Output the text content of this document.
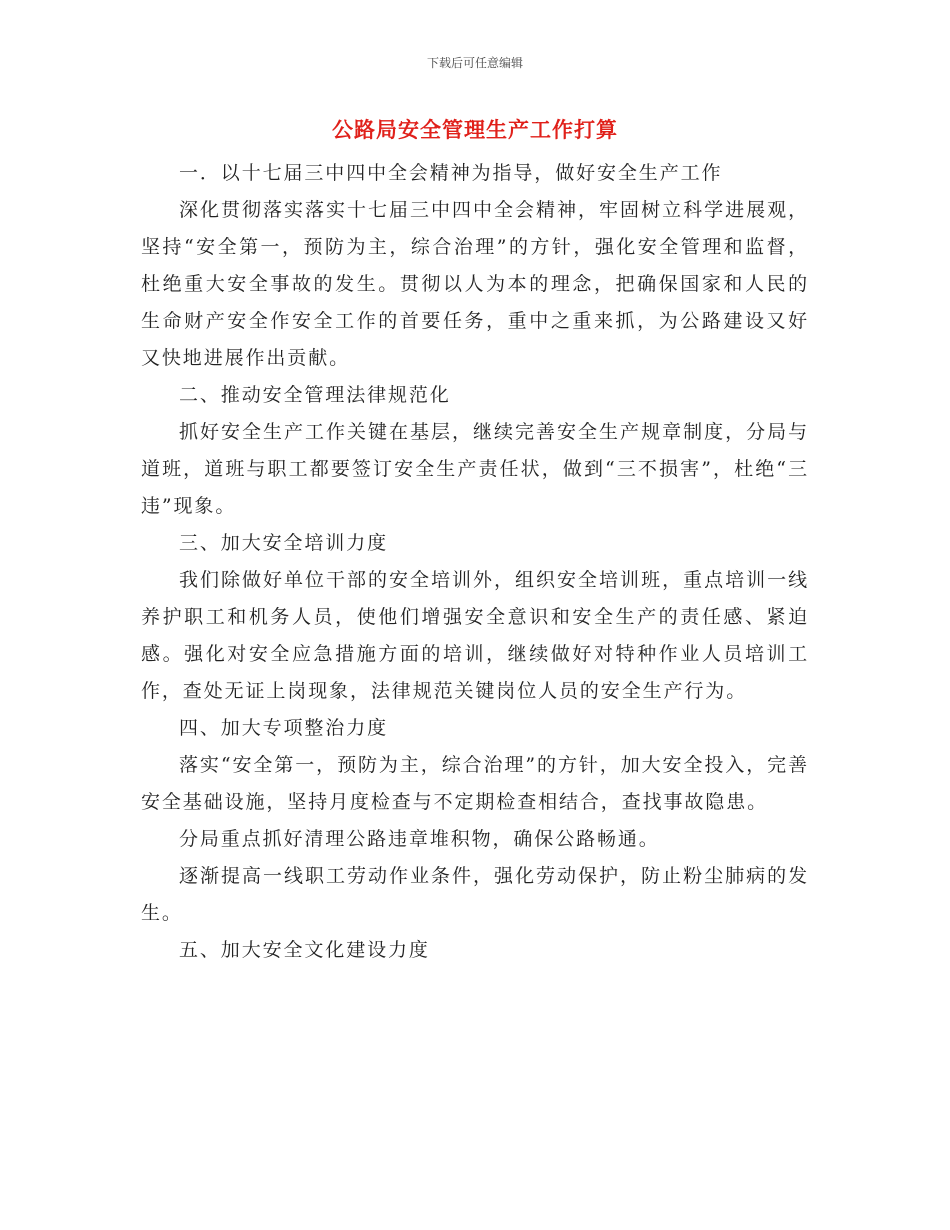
下载后可任意编辑
公路局安全管理生产工作打算

一．以十七届三中四中全会精神为指导，做好安全生产工作

深化贯彻落实落实十七届三中四中全会精神，牢固树立科学进展观，坚持“安全第一，预防为主，综合治理”的方针，强化安全管理和监督，杜绝重大安全事故的发生。贯彻以人为本的理念，把确保国家和人民的生命财产安全作安全工作的首要任务，重中之重来抓，为公路建设又好又快地进展作出贡献。

二、推动安全管理法律规范化

抓好安全生产工作关键在基层，继续完善安全生产规章制度，分局与道班，道班与职工都要签订安全生产责任状，做到“三不损害”，杜绝“三违”现象。

三、加大安全培训力度

我们除做好单位干部的安全培训外，组织安全培训班，重点培训一线养护职工和机务人员，使他们增强安全意识和安全生产的责任感、紧迫感。强化对安全应急措施方面的培训，继续做好对特种作业人员培训工作，查处无证上岗现象，法律规范关键岗位人员的安全生产行为。

四、加大专项整治力度

落实“安全第一，预防为主，综合治理”的方针，加大安全投入，完善安全基础设施，坚持月度检查与不定期检查相结合，查找事故隐患。

分局重点抓好清理公路违章堆积物，确保公路畅通。

逐渐提高一线职工劳动作业条件，强化劳动保护，防止粉尘肺病的发生。

五、加大安全文化建设力度
